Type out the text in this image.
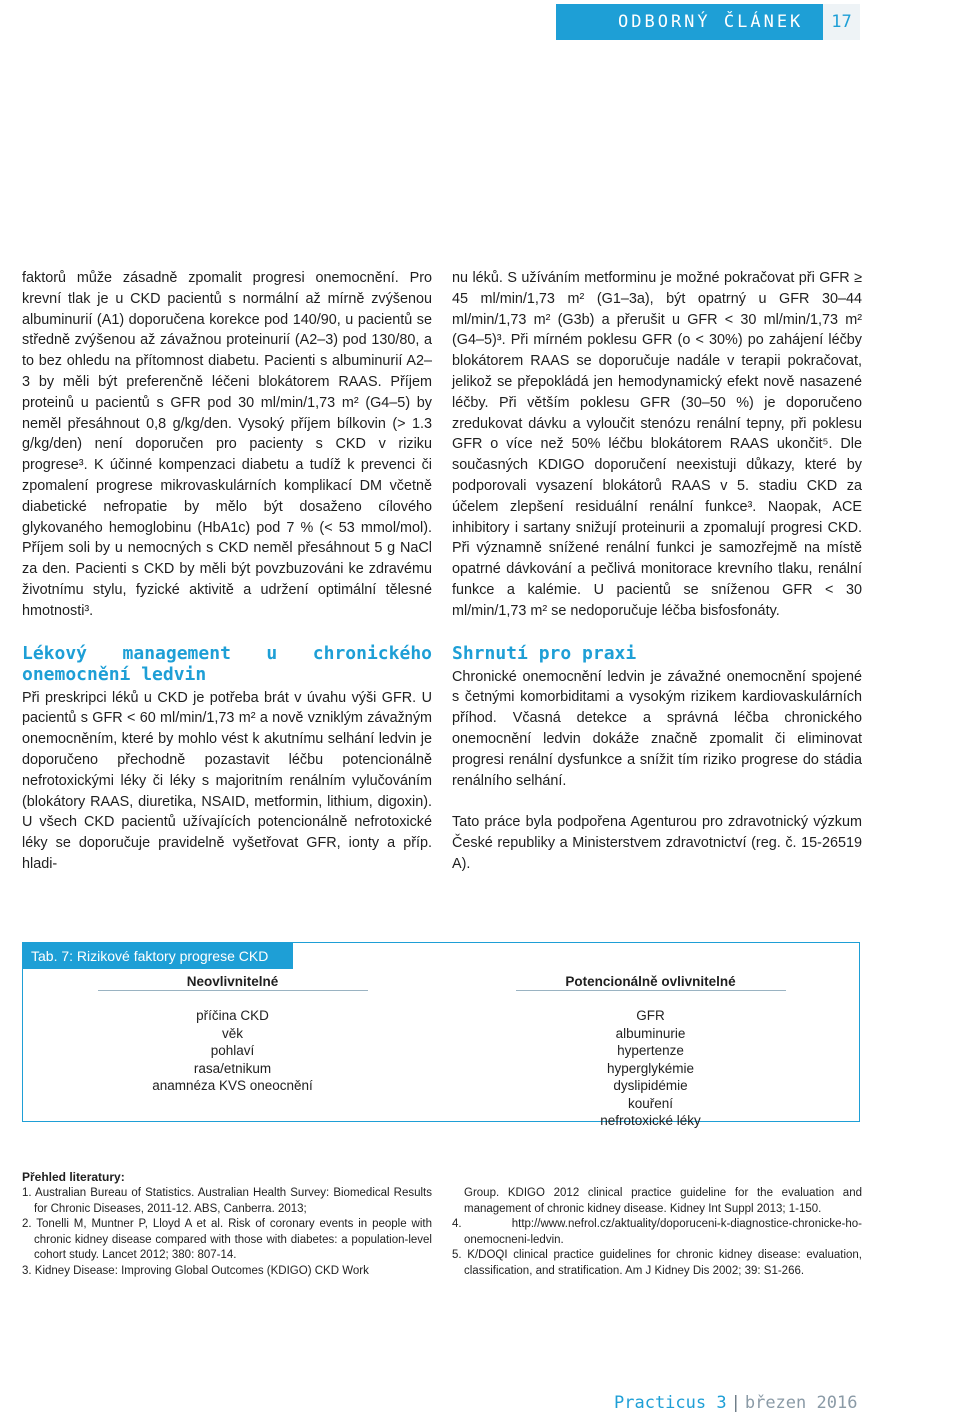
ODBORNÝ ČLÁNEK	17

faktorů může zásadně zpomalit progresi onemocnění. Pro krevní tlak je u CKD pacientů s normální až mírně zvýšenou albuminurií (A1) doporučena korekce pod 140/90, u pacientů se středně zvýšenou až závažnou proteinurií (A2–3) pod 130/80, a to bez ohledu na přítomnost diabetu. Pacienti s albuminurií A2–3 by měli být preferenčně léčeni blokátorem RAAS. Příjem proteinů u pacientů s GFR pod 30 ml/min/1,73 m² (G4–5) by neměl přesáhnout 0,8 g/kg/den. Vysoký příjem bílkovin (> 1.3 g/kg/den) není doporučen pro pacienty s CKD v riziku progrese³. K účinné kompenzaci diabetu a tudíž k prevenci či zpomalení progrese mikrovaskulárních komplikací DM včetně diabetické nefropatie by mělo být dosaženo cílového glykovaného hemoglobinu (HbA1c) pod 7 % (< 53 mmol/mol). Příjem soli by u nemocných s CKD neměl přesáhnout 5 g NaCl za den. Pacienti s CKD by měli být povzbuzováni ke zdravému životnímu stylu, fyzické aktivitě a udržení optimální tělesné hmotnosti³.

Lékový management u chronického onemocnění ledvin

Při preskripci léků u CKD je potřeba brát v úvahu výši GFR. U pacientů s GFR < 60 ml/min/1,73 m² a nově vzniklým závažným onemocněním, které by mohlo vést k akutnímu selhání ledvin je doporučeno přechodně pozastavit léčbu potencionálně nefrotoxickými léky či léky s majoritním renálním vylučováním (blokátory RAAS, diuretika, NSAID, metformin, lithium, digoxin). U všech CKD pacientů užívajících potencionálně nefrotoxické léky se doporučuje pravidelně vyšetřovat GFR, ionty a příp. hladi-

nu léků. S užíváním metforminu je možné pokračovat při GFR ≥ 45 ml/min/1,73 m² (G1–3a), být opatrný u GFR 30–44 ml/min/1,73 m² (G3b) a přerušit u GFR < 30 ml/min/1,73 m² (G4–5)³. Při mírném poklesu GFR (o < 30%) po zahájení léčby blokátorem RAAS se doporučuje nadále v terapii pokračovat, jelikož se přepokládá jen hemodynamický efekt nově nasazené léčby. Při větším poklesu GFR (30–50 %) je doporučeno zredukovat dávku a vyloučit stenózu renální tepny, při poklesu GFR o více než 50% léčbu blokátorem RAAS ukončit⁵. Dle současných KDIGO doporučení neexistuji důkazy, které by podporovali vysazení blokátorů RAAS v 5. stadiu CKD za účelem zlepšení residuální renální funkce³. Naopak, ACE inhibitory i sartany snižují proteinurii a zpomalují progresi CKD. Při významně snížené renální funkci je samozřejmě na místě opatrné dávkování a pečlivá monitorace krevního tlaku, renální funkce a kalémie. U pacientů se sníženou GFR < 30 ml/min/1,73 m² se nedoporučuje léčba bisfosfonáty.

Shrnutí pro praxi

Chronické onemocnění ledvin je závažné onemocnění spojené s četnými komorbiditami a vysokým rizikem kardiovaskulárních příhod. Včasná detekce a správná léčba chronického onemocnění ledvin dokáže značně zpomalit či eliminovat progresi renální dysfunkce a snížit tím riziko progrese do stádia renálního selhání.

Tato práce byla podpořena Agenturou pro zdravotnický výzkum České republiky a Ministerstvem zdravotnictví (reg. č. 15-26519 A).

Tab. 7: Rizikové faktory progrese CKD
Neovlivnitelné
příčina CKD
věk
pohlaví
rasa/etnikum
anamnéza KVS oneocnění
Potencionálně ovlivnitelné
GFR
albuminurie
hypertenze
hyperglykémie
dyslipidémie
kouření
nefrotoxické léky
Přehled literatury:
1. Australian Bureau of Statistics. Australian Health Survey: Biomedical Results for Chronic Diseases, 2011-12. ABS, Canberra. 2013;
2. Tonelli M, Muntner P, Lloyd A et al. Risk of coronary events in people with chronic kidney disease compared with those with diabetes: a population-level cohort study. Lancet 2012; 380: 807-14.
3. Kidney Disease: Improving Global Outcomes (KDIGO) CKD Work
Group. KDIGO 2012 clinical practice guideline for the evaluation and management of chronic kidney disease. Kidney Int Suppl 2013; 1-150.
4. http://www.nefrol.cz/aktuality/doporuceni-k-diagnostice-chronicke-ho-onemocneni-ledvin.
5. K/DOQI clinical practice guidelines for chronic kidney disease: evaluation, classification, and stratification. Am J Kidney Dis 2002; 39: S1-266.
Practicus 3 | březen 2016
